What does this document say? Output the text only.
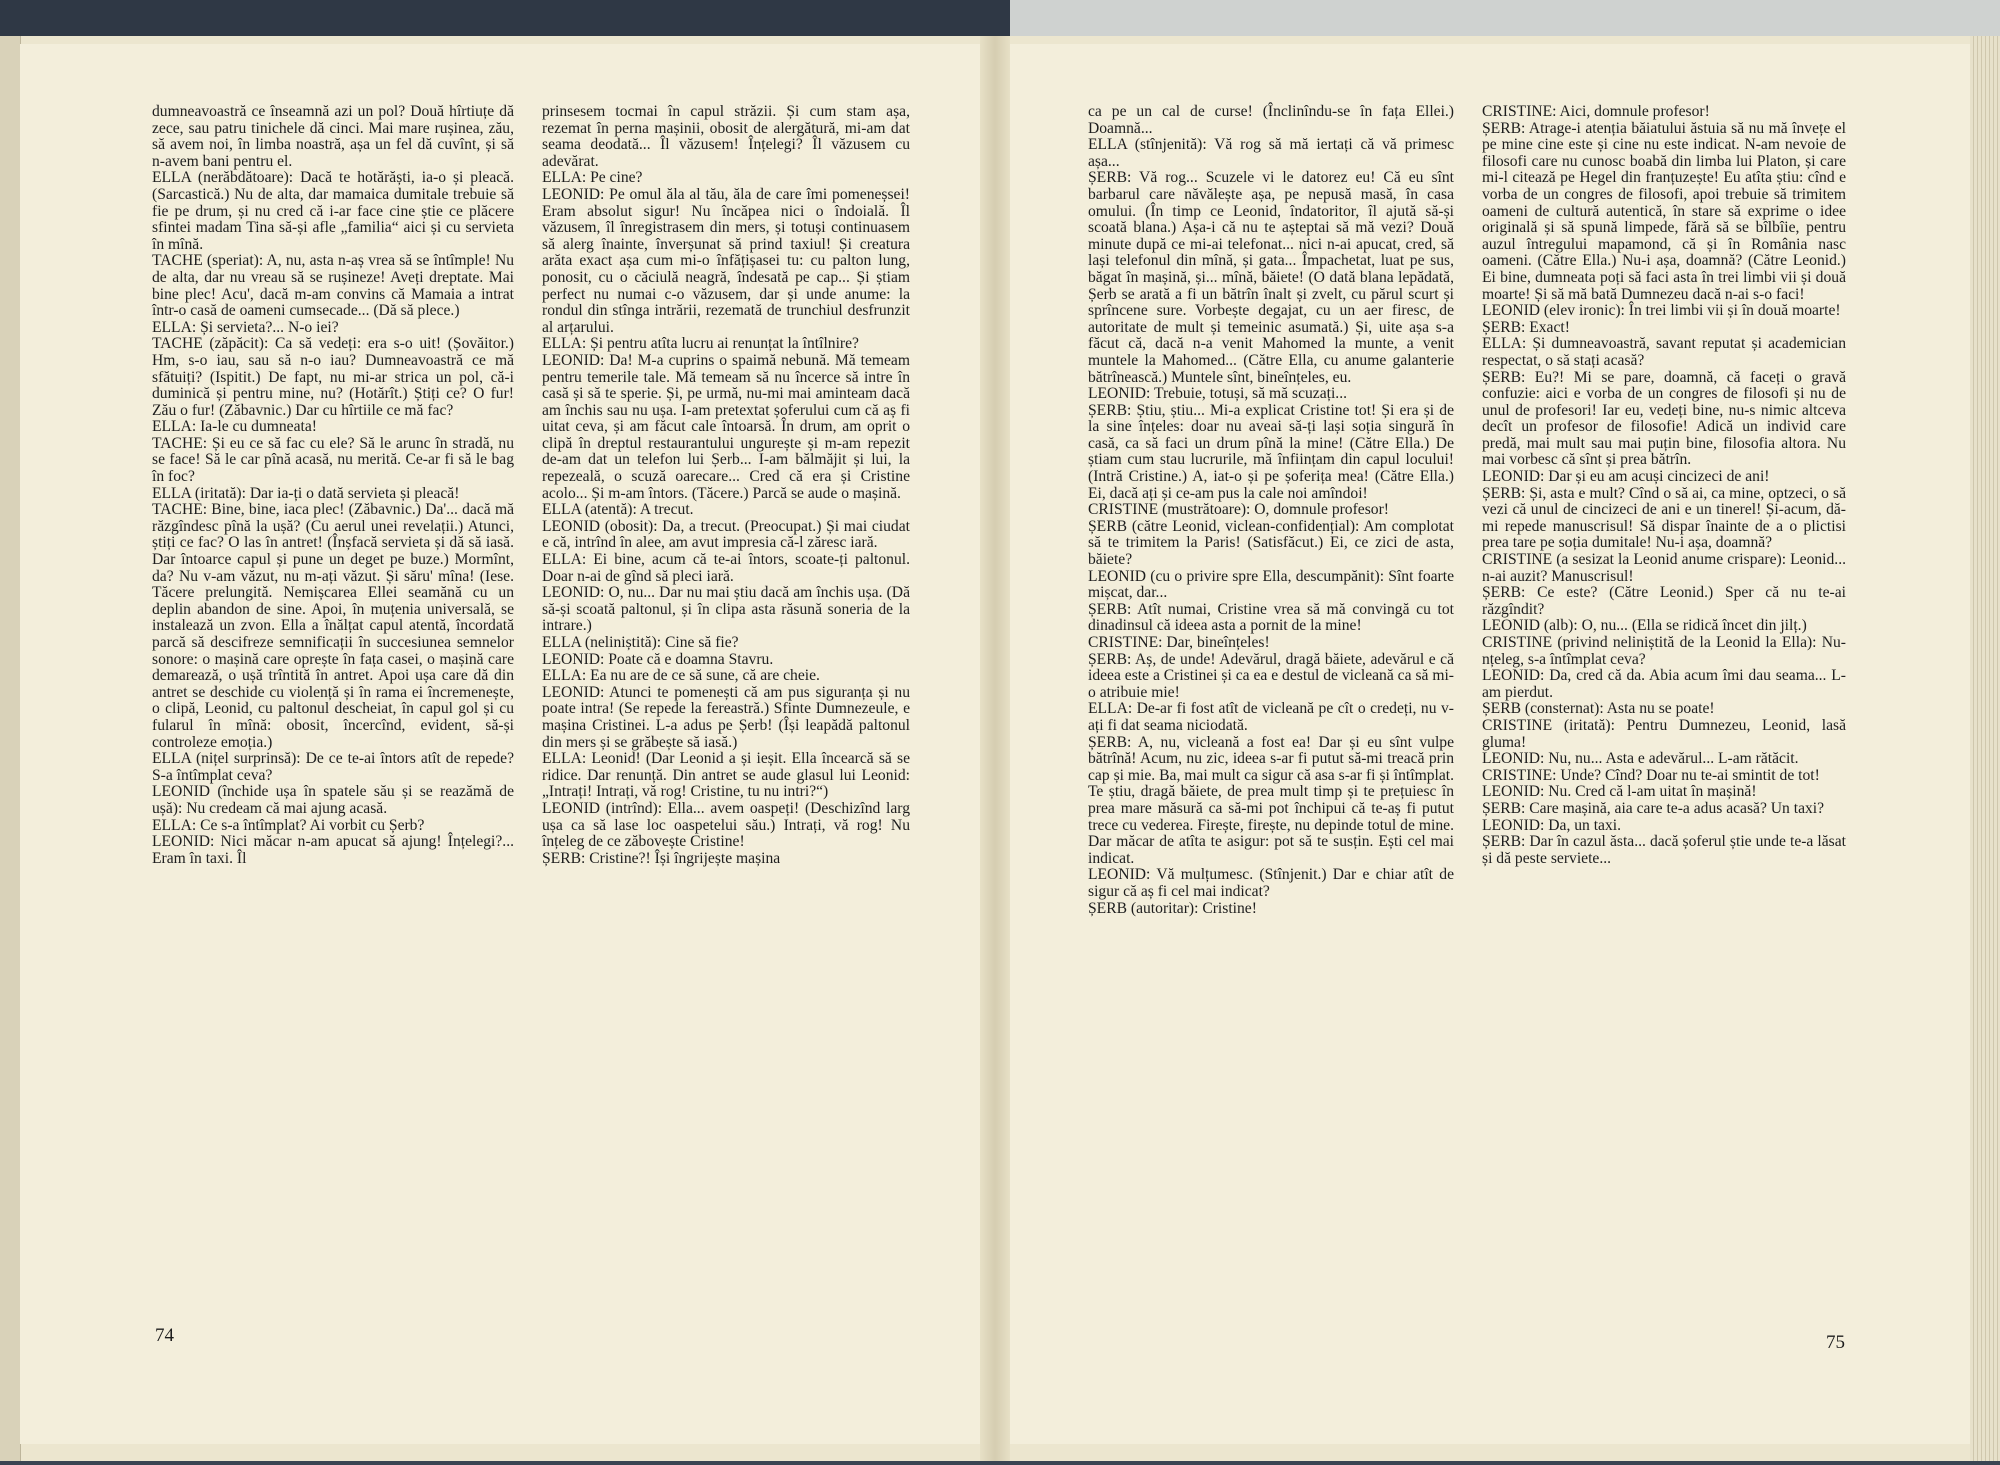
dumneavoastră ce înseamnă azi un pol? Două hîrtiuțe dă zece, sau patru tinichele dă cinci. Mai mare rușinea, zău, să avem noi, în limba noastră, așa un fel dă cuvînt, și să n-avem bani pentru el.

ELLA (nerăbdătoare): Dacă te hotărăști, ia-o și pleacă. (Sarcastică.) Nu de alta, dar mamaica dumitale trebuie să fie pe drum, și nu cred că i-ar face cine știe ce plăcere sfintei madam Tina să-și afle „familia“ aici și cu servieta în mînă.

TACHE (speriat): A, nu, asta n-aș vrea să se întîmple! Nu de alta, dar nu vreau să se rușineze! Aveți dreptate. Mai bine plec! Acu', dacă m-am convins că Mamaia a intrat într-o casă de oameni cumsecade... (Dă să plece.)

ELLA: Și servieta?... N-o iei?

TACHE (zăpăcit): Ca să vedeți: era s-o uit! (Șovăitor.) Hm, s-o iau, sau să n-o iau? Dumneavoastră ce mă sfătuiți? (Ispitit.) De fapt, nu mi-ar strica un pol, că-i duminică și pentru mine, nu? (Hotărît.) Știți ce? O fur! Zău o fur! (Zăbavnic.) Dar cu hîrtiile ce mă fac?

ELLA: Ia-le cu dumneata!

TACHE: Și eu ce să fac cu ele? Să le arunc în stradă, nu se face! Să le car pînă acasă, nu merită. Ce-ar fi să le bag în foc?

ELLA (iritată): Dar ia-ți o dată servieta și pleacă!

TACHE: Bine, bine, iaca plec! (Zăbavnic.) Da'... dacă mă răzgîndesc pînă la ușă? (Cu aerul unei revelații.) Atunci, știți ce fac? O las în antret! (Înșfacă servieta și dă să iasă. Dar întoarce capul și pune un deget pe buze.) Mormînt, da? Nu v-am văzut, nu m-ați văzut. Și săru' mîna! (Iese. Tăcere prelungită. Nemișcarea Ellei seamănă cu un deplin abandon de sine. Apoi, în muțenia universală, se instalează un zvon. Ella a înălțat capul atentă, încordată parcă să descifreze semnificații în succesiunea semnelor sonore: o mașină care oprește în fața casei, o mașină care demarează, o ușă trîntită în antret. Apoi ușa care dă din antret se deschide cu violență și în rama ei încremenește, o clipă, Leonid, cu paltonul descheiat, în capul gol și cu fularul în mînă: obosit, încercînd, evident, să-și controleze emoția.)

ELLA (nițel surprinsă): De ce te-ai întors atît de repede? S-a întîmplat ceva?

LEONID (închide ușa în spatele său și se reazămă de ușă): Nu credeam că mai ajung acasă.

ELLA: Ce s-a întîmplat? Ai vorbit cu Șerb?

LEONID: Nici măcar n-am apucat să ajung! Înțelegi?... Eram în taxi. Îl

prinsesem tocmai în capul străzii. Și cum stam așa, rezemat în perna mașinii, obosit de alergătură, mi-am dat seama deodată... Îl văzusem! Înțelegi? Îl văzusem cu adevărat.

ELLA: Pe cine?

LEONID: Pe omul ăla al tău, ăla de care îmi pomeneșsei! Eram absolut sigur! Nu încăpea nici o îndoială. Îl văzusem, îl înregistrasem din mers, și totuși continuasem să alerg înainte, înverșunat să prind taxiul! Și creatura arăta exact așa cum mi-o înfățișasei tu: cu palton lung, ponosit, cu o căciulă neagră, îndesată pe cap... Și știam perfect nu numai c-o văzusem, dar și unde anume: la rondul din stînga intrării, rezemată de trunchiul desfrunzit al arțarului.

ELLA: Și pentru atîta lucru ai renunțat la întîlnire?

LEONID: Da! M-a cuprins o spaimă nebună. Mă temeam pentru temerile tale. Mă temeam să nu încerce să intre în casă și să te sperie. Și, pe urmă, nu-mi mai aminteam dacă am închis sau nu ușa. I-am pretextat șoferului cum că aș fi uitat ceva, și am făcut cale întoarsă. În drum, am oprit o clipă în dreptul restaurantului ungurește și m-am repezit de-am dat un telefon lui Șerb... I-am bălmăjit și lui, la repezeală, o scuză oarecare... Cred că era și Cristine acolo... Și m-am întors. (Tăcere.) Parcă se aude o mașină.

ELLA (atentă): A trecut.

LEONID (obosit): Da, a trecut. (Preocupat.) Și mai ciudat e că, intrînd în alee, am avut impresia că-l zăresc iară.

ELLA: Ei bine, acum că te-ai întors, scoate-ți paltonul. Doar n-ai de gînd să pleci iară.

LEONID: O, nu... Dar nu mai știu dacă am închis ușa. (Dă să-și scoată paltonul, și în clipa asta răsună soneria de la intrare.)

ELLA (neliniștită): Cine să fie?

LEONID: Poate că e doamna Stavru.

ELLA: Ea nu are de ce să sune, că are cheie.

LEONID: Atunci te pomenești că am pus siguranța și nu poate intra! (Se repede la fereastră.) Sfinte Dumnezeule, e mașina Cristinei. L-a adus pe Șerb! (Își leapădă paltonul din mers și se grăbește să iasă.)

ELLA: Leonid! (Dar Leonid a și ieșit. Ella încearcă să se ridice. Dar renunță. Din antret se aude glasul lui Leonid: „Intrați! Intrați, vă rog! Cristine, tu nu intri?“)

LEONID (intrînd): Ella... avem oaspeți! (Deschizînd larg ușa ca să lase loc oaspetelui său.) Intrați, vă rog! Nu înțeleg de ce zăbovește Cristine!

ȘERB: Cristine?! Își îngrijește mașina

ca pe un cal de curse! (Înclinîndu-se în fața Ellei.) Doamnă...

ELLA (stînjenită): Vă rog să mă iertați că vă primesc așa...

ȘERB: Vă rog... Scuzele vi le datorez eu! Că eu sînt barbarul care năvălește așa, pe nepusă masă, în casa omului. (În timp ce Leonid, îndatoritor, îl ajută să-și scoată blana.) Așa-i că nu te așteptai să mă vezi? Două minute după ce mi-ai telefonat... nici n-ai apucat, cred, să lași telefonul din mînă, și gata... Împachetat, luat pe sus, băgat în mașină, și... mînă, băiete! (O dată blana lepădată, Șerb se arată a fi un bătrîn înalt și zvelt, cu părul scurt și sprîncene sure. Vorbește degajat, cu un aer firesc, de autoritate de mult și temeinic asumată.) Și, uite așa s-a făcut că, dacă n-a venit Mahomed la munte, a venit muntele la Mahomed... (Către Ella, cu anume galanterie bătrînească.) Muntele sînt, bineînțeles, eu.

LEONID: Trebuie, totuși, să mă scuzați...

ȘERB: Știu, știu... Mi-a explicat Cristine tot! Și era și de la sine înțeles: doar nu aveai să-ți lași soția singură în casă, ca să faci un drum pînă la mine! (Către Ella.) De știam cum stau lucrurile, mă înființam din capul locului! (Intră Cristine.) A, iat-o și pe șoferița mea! (Către Ella.) Ei, dacă ați și ce-am pus la cale noi amîndoi!

CRISTINE (mustrătoare): O, domnule profesor!

ȘERB (către Leonid, viclean-confidențial): Am complotat să te trimitem la Paris! (Satisfăcut.) Ei, ce zici de asta, băiete?

LEONID (cu o privire spre Ella, descumpănit): Sînt foarte mișcat, dar...

ȘERB: Atît numai, Cristine vrea să mă convingă cu tot dinadinsul că ideea asta a pornit de la mine!

CRISTINE: Dar, bineînțeles!

ȘERB: Aș, de unde! Adevărul, dragă băiete, adevărul e că ideea este a Cristinei și ca ea e destul de vicleană ca să mi-o atribuie mie!

ELLA: De-ar fi fost atît de vicleană pe cît o credeți, nu v-ați fi dat seama niciodată.

ȘERB: A, nu, vicleană a fost ea! Dar și eu sînt vulpe bătrînă! Acum, nu zic, ideea s-ar fi putut să-mi treacă prin cap și mie. Ba, mai mult ca sigur că asa s-ar fi și întîmplat. Te știu, dragă băiete, de prea mult timp și te prețuiesc în prea mare măsură ca să-mi pot închipui că te-aș fi putut trece cu vederea. Firește, firește, nu depinde totul de mine. Dar măcar de atîta te asigur: pot să te susțin. Ești cel mai indicat.

LEONID: Vă mulțumesc. (Stînjenit.) Dar e chiar atît de sigur că aș fi cel mai indicat?

ȘERB (autoritar): Cristine!

CRISTINE: Aici, domnule profesor!

ȘERB: Atrage-i atenția băiatului ăstuia să nu mă învețe el pe mine cine este și cine nu este indicat. N-am nevoie de filosofi care nu cunosc boabă din limba lui Platon, și care mi-l citează pe Hegel din franțuzește! Eu atîta știu: cînd e vorba de un congres de filosofi, apoi trebuie să trimitem oameni de cultură autentică, în stare să exprime o idee originală și să spună limpede, fără să se bîlbîie, pentru auzul întregului mapamond, că și în România nasc oameni. (Către Ella.) Nu-i așa, doamnă? (Către Leonid.) Ei bine, dumneata poți să faci asta în trei limbi vii și două moarte! Și să mă bată Dumnezeu dacă n-ai s-o faci!

LEONID (elev ironic): În trei limbi vii și în două moarte!

ȘERB: Exact!

ELLA: Și dumneavoastră, savant reputat și academician respectat, o să stați acasă?

ȘERB: Eu?! Mi se pare, doamnă, că faceți o gravă confuzie: aici e vorba de un congres de filosofi și nu de unul de profesori! Iar eu, vedeți bine, nu-s nimic altceva decît un profesor de filosofie! Adică un individ care predă, mai mult sau mai puțin bine, filosofia altora. Nu mai vorbesc că sînt și prea bătrîn.

LEONID: Dar și eu am acuși cincizeci de ani!

ȘERB: Și, asta e mult? Cînd o să ai, ca mine, optzeci, o să vezi că unul de cincizeci de ani e un tinerel! Și-acum, dă-mi repede manuscrisul! Să dispar înainte de a o plictisi prea tare pe soția dumitale! Nu-i așa, doamnă?

CRISTINE (a sesizat la Leonid anume crispare): Leonid... n-ai auzit? Manuscrisul!

ȘERB: Ce este? (Către Leonid.) Sper că nu te-ai răzgîndit?

LEONID (alb): O, nu... (Ella se ridică încet din jilț.)

CRISTINE (privind neliniștită de la Leonid la Ella): Nu-nțeleg, s-a întîmplat ceva?

LEONID: Da, cred că da. Abia acum îmi dau seama... L-am pierdut.

ȘERB (consternat): Asta nu se poate!

CRISTINE (iritată): Pentru Dumnezeu, Leonid, lasă gluma!

LEONID: Nu, nu... Asta e adevărul... L-am rătăcit.

CRISTINE: Unde? Cînd? Doar nu te-ai smintit de tot!

LEONID: Nu. Cred că l-am uitat în mașină!

ȘERB: Care mașină, aia care te-a adus acasă? Un taxi?

LEONID: Da, un taxi.

ȘERB: Dar în cazul ăsta... dacă șoferul știe unde te-a lăsat și dă peste serviete...

74	75
